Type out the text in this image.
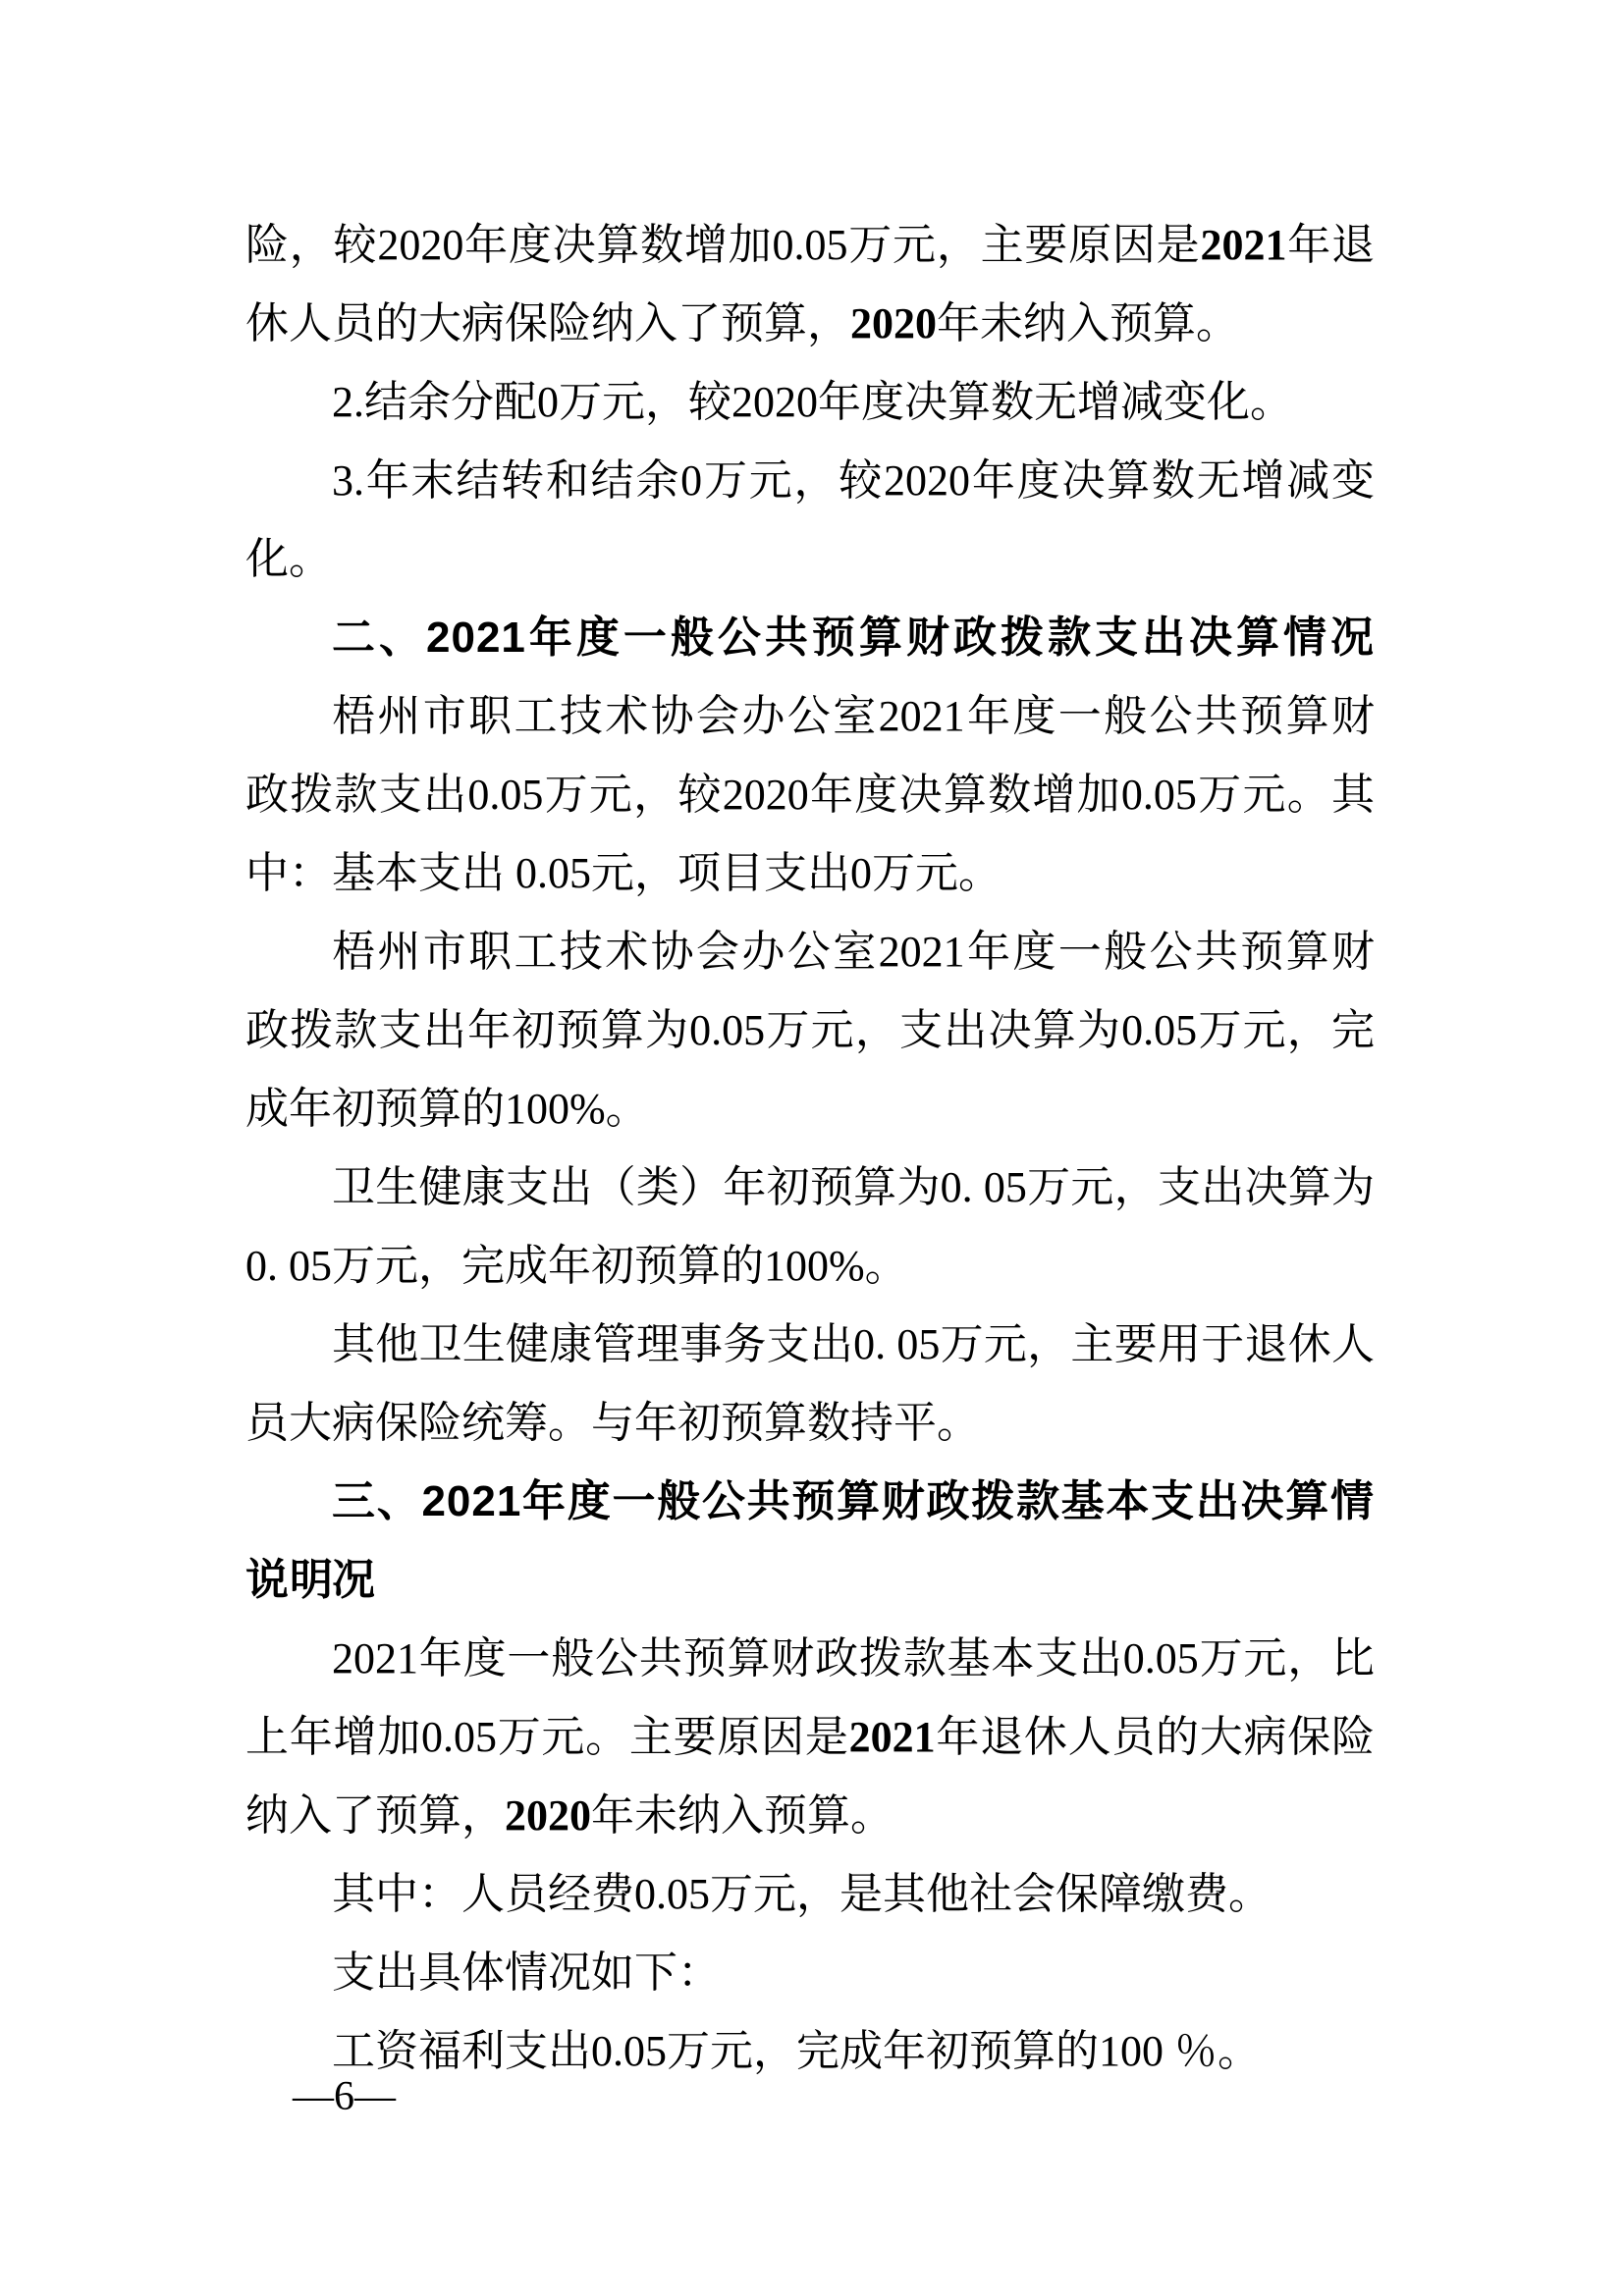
险，较2020年度决算数增加0.05万元，主要原因是2021年退
休人员的大病保险纳入了预算，2020年未纳入预算。
2.结余分配0万元，较2020年度决算数无增减变化。
3.年末结转和结余0万元，较2020年度决算数无增减变
化。
二、2021年度一般公共预算财政拨款支出决算情况
梧州市职工技术协会办公室2021年度一般公共预算财
政拨款支出0.05万元，较2020年度决算数增加0.05万元。其
中：基本支出 0.05元，项目支出0万元。
梧州市职工技术协会办公室2021年度一般公共预算财
政拨款支出年初预算为0.05万元，支出决算为0.05万元，完
成年初预算的100%。
卫生健康支出（类）年初预算为0. 05万元，支出决算为
0. 05万元，完成年初预算的100%。
其他卫生健康管理事务支出0. 05万元，主要用于退休人
员大病保险统筹。与年初预算数持平。
三、2021年度一般公共预算财政拨款基本支出决算情况
说明
2021年度一般公共预算财政拨款基本支出0.05万元，比
上年增加0.05万元。主要原因是2021年退休人员的大病保险
纳入了预算，2020年未纳入预算。
其中：人员经费0.05万元，是其他社会保障缴费。
支出具体情况如下：
工资福利支出0.05万元，完成年初预算的100 ％。
—6—
